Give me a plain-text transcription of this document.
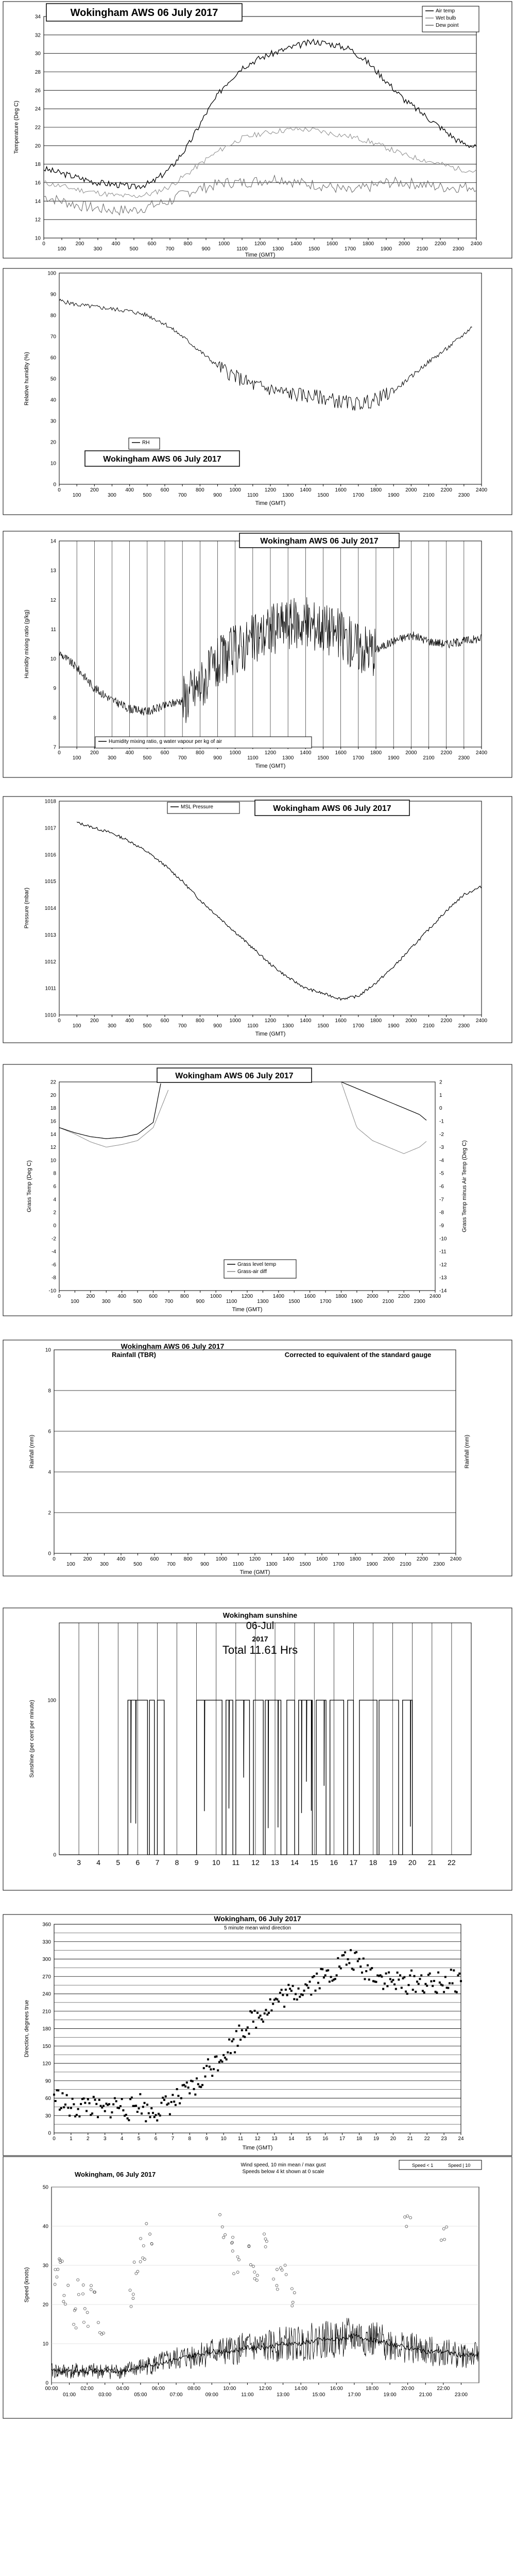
10
12
14
16
18
20
22
24
26
28
30
32
34
0
100
200
300
400
500
600
700
800
900
1000
1100
1200
1300
1400
1500
1600
1700
1800
1900
2000
2100
2200
2300
2400
Wokingham AWS 06 July 2017	Air temp
Wet bulb
Dew point
Time (GMT)
Temperature (Deg C)
0
10
20
30
40
50
60
70
80
90
100
0
100
200
300
400
500
600
700
800
900
1000
1100
1200
1300
1400
1500
1600
1700
1800
1900
2000
2100
2200
2300
2400
RH
Wokingham AWS 06 July 2017
Time (GMT)
Relative humidity (%)
7
8
9
10
11
12
13
14
0
100
200
300
400
500
600
700
800
900
1000
1100
1200
1300
1400
1500
1600
1700
1800
1900
2000
2100
2200
2300
2400
Wokingham AWS 06 July 2017
Humidity mixing ratio, g water vapour per kg of air
Time (GMT)
Humidity mixing ratio (g/kg)
1010
1011
1012
1013
1014
1015
1016
1017
1018
0
100
200
300
400
500
600
700
800
900
1000
1100
1200
1300
1400
1500
1600
1700
1800
1900
2000
2100
2200
2300
2400
MSL Pressure	Wokingham AWS 06 July 2017
Time (GMT)
Pressure (mbar)
-10
-8
-6
-4
-2
0
2
4
6
8
10
12
14
16
18
20
22
0
100
200
300
400
500
600
700
800
900
1000
1100
1200
1300
1400
1500
1600
1700
1800
1900
2000
2100
2200
2300
2400
-14
-13
-12
-11
-10
-9
-8
-7
-6
-5
-4
-3
-2
-1
0
1
2
Wokingham AWS 06 July 2017
Grass level temp
Grass-air diff
Time (GMT)
Grass Temp (Deg C)	Grass Temp minus Air Temp (Deg C)
0
2
4
6
8
10
0
100
200
300
400
500
600
700
800
900
1000
1100
1200
1300
1400
1500
1600
1700
1800
1900
2000
2100
2200
2300
2400
Wokingham AWS 06 July 2017
Rainfall (TBR)	Corrected to equivalent of the standard gauge
Time (GMT)
Rainfall (mm)	Rainfall (mm)
0
100
3 4 5 6 7 8 9 10 11 12 13 14 15 16 17 18 19 20 21 22
Wokingham sunshine
06-Jul
2017
Total 11.61 Hrs
Sunshine (per cent per minute)
0
30
60
90
120
150
180
210
240
270
300
330
360
0	1	2	3	4	5	6	7	8	9 10 11 12 13 14 15 16 17 18 19 20 21 22 23 24
Wokingham, 06 July 2017
5 minute mean wind direction
Time (GMT)
Direction, degrees true
0
10
20
30
40
50
00:00
01:00
02:00
03:00
04:00
05:00
06:00
07:00
08:00
09:00
10:00
11:00
12:00
13:00
14:00
15:00
16:00
17:00
18:00
19:00
20:00
21:00
22:00
23:00
Wokingham, 06 July 2017
Wind speed, 10 min mean / max gust
Speeds below 4 kt shown at 0 scale
Speed < 1	Speed | 10
Speed (knots)
